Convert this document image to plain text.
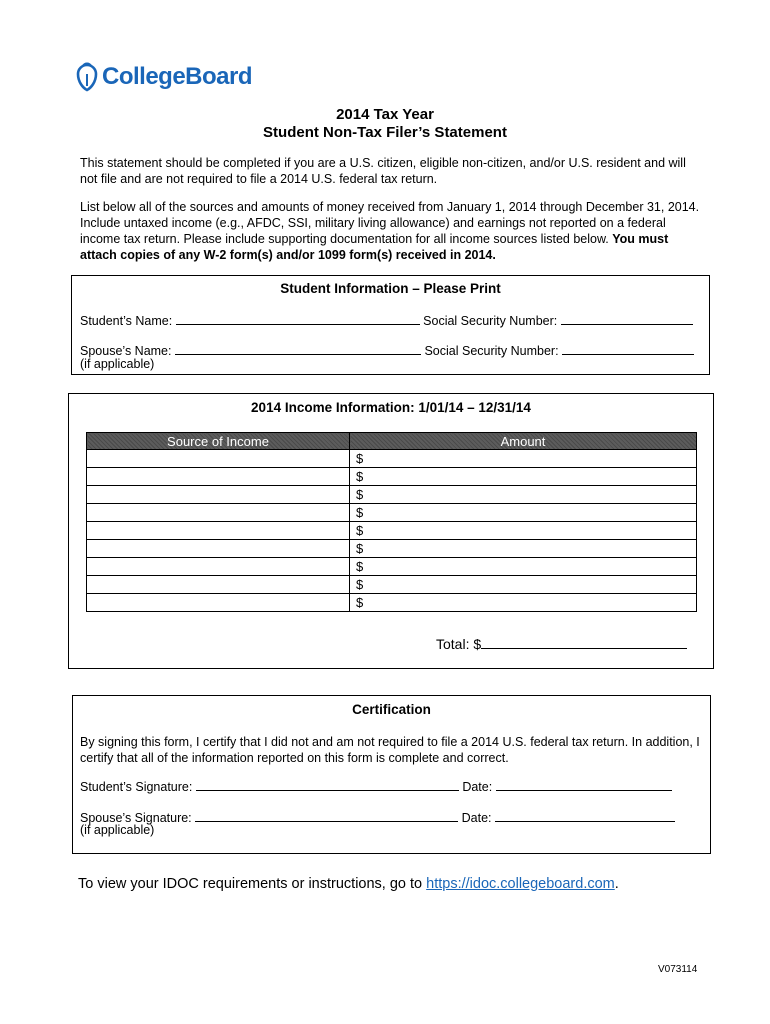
CollegeBoard
2014 Tax Year
Student Non-Tax Filer’s Statement
This statement should be completed if you are a U.S. citizen, eligible non-citizen, and/or U.S. resident and will not file and are not required to file a 2014 U.S. federal tax return.
List below all of the sources and amounts of money received from January 1, 2014 through December 31, 2014. Include untaxed income (e.g., AFDC, SSI, military living allowance) and earnings not reported on a federal income tax return. Please include supporting documentation for all income sources listed below. You must attach copies of any W-2 form(s) and/or 1099 form(s) received in 2014.
Student Information – Please Print
Student’s Name:	Social Security Number:
Spouse’s Name:	Social Security Number:
(if applicable)
2014 Income Information: 1/01/14 – 12/31/14
Source of Income	Amount
	$
	$
	$
	$
	$
	$
	$
	$
	$
Total: $
Certification
By signing this form, I certify that I did not and am not required to file a 2014 U.S. federal tax return. In addition, I certify that all of the information reported on this form is complete and correct.
Student’s Signature:	Date:
Spouse’s Signature:	Date:
(if applicable)
To view your IDOC requirements or instructions, go to https://idoc.collegeboard.com.
V073114
